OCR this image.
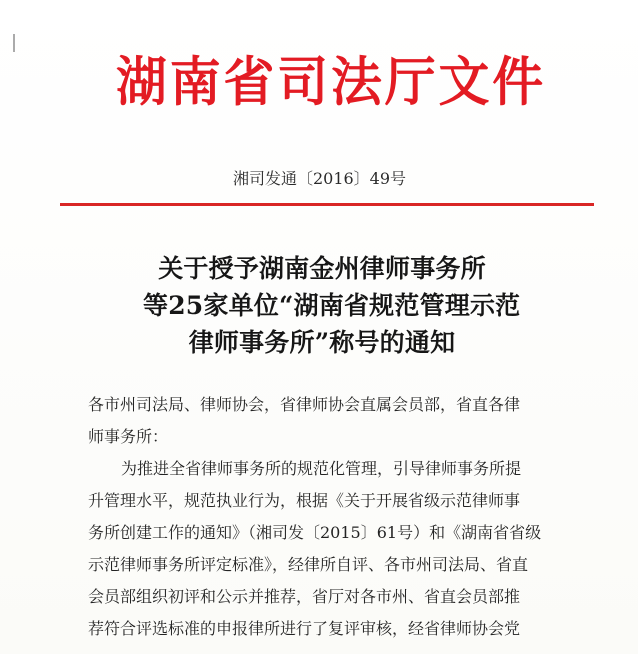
湖南省司法厅文件
湘司发通〔2016〕49号
关于授予湖南金州律师事务所
等25家单位“湖南省规范管理示范
律师事务所”称号的通知
各市州司法局、律师协会，省律师协会直属会员部，省直各律
师事务所：
为推进全省律师事务所的规范化管理，引导律师事务所提
升管理水平，规范执业行为，根据《关于开展省级示范律师事
务所创建工作的通知》（湘司发〔2015〕61号）和《湖南省省级
示范律师事务所评定标准》，经律所自评、各市州司法局、省直
会员部组织初评和公示并推荐，省厅对各市州、省直会员部推
荐符合评选标准的申报律所进行了复评审核，经省律师协会党
